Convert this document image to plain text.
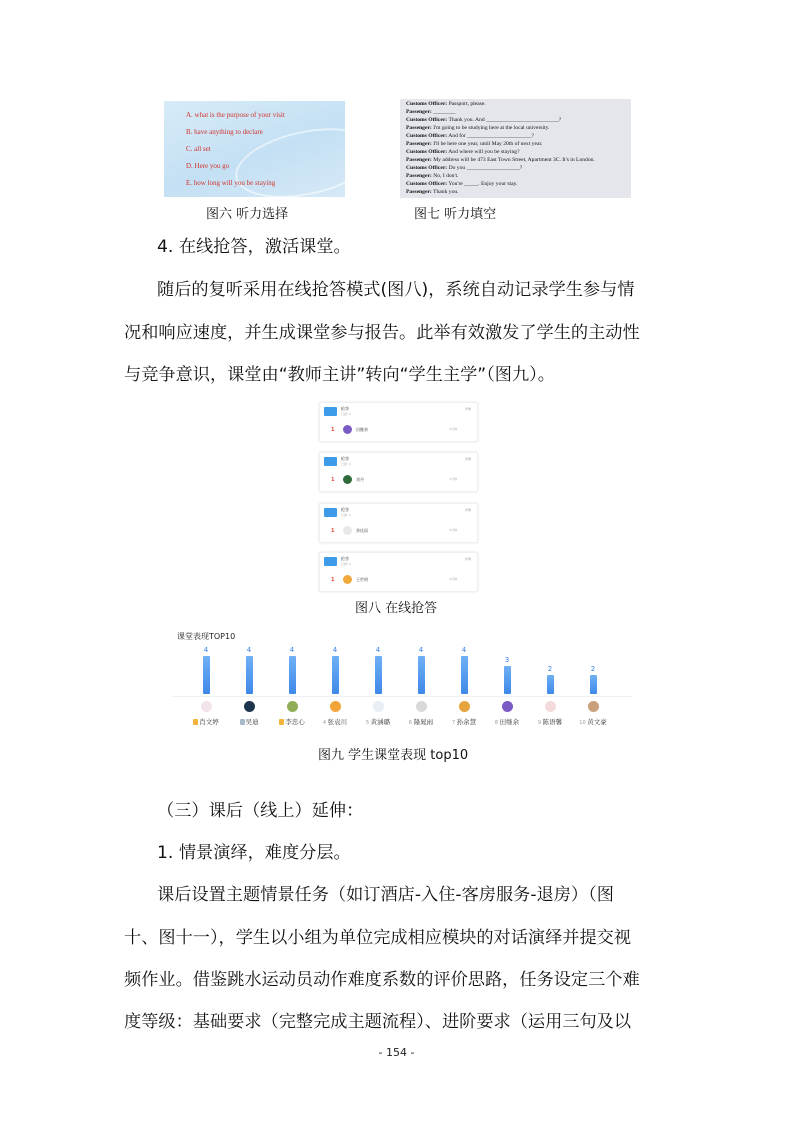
A. what is the purpose of your visit
B. have anything to declare
C. all set
D. Here you go
E. how long will you be staying
图六 听力选择
Customs Officer: Passport, please.
Passenger: ________
Customs Officer: Thank you. And __________________________?
Passenger: I'm going to be studying here at the local university.
Customs Officer: And for _______________________?
Passenger: I'll be here one year, until May 20th of next year.
Customs Officer: And where will you be staying?
Passenger: My address will be 473 East Town Street, Apartment 3C. It's in London.
Customs Officer: Do you ___________________?
Passenger: No, I don't.
Customs Officer: You're _____. Enjoy your stay.
Passenger: Thank you.
图七 听力填空
4. 在线抢答，激活课堂。
随后的复听采用在线抢答模式(图八)，系统自动记录学生参与情
况和响应速度，并生成课堂参与报告。此举有效激发了学生的主动性
与竞争意识，课堂由“教师主讲”转向“学生主学”（图九）。
抢答
已抢: 1
详情
1	田继余	1分钟
抢答
已抢: 1
详情
1	刘丹	1分钟
抢答
已抢: 1
详情
1	余佳雨	1分钟
抢答
已抢: 1
详情
1	王世明	1分钟
图八 在线抢答
课堂表现TOP10
4
肖文婷
4
吴迪
4
李忠心
4
4 张袁川
4
5 黄涵璐
4
6 隆晁雨
4
7 孙余慧
3
8 田继余
2
9 陈语馨
2
10 黄文豪
图九 学生课堂表现 top10
（三）课后（线上）延伸：
1. 情景演绎，难度分层。
课后设置主题情景任务（如订酒店-入住-客房服务-退房）（图
十、图十一），学生以小组为单位完成相应模块的对话演绎并提交视
频作业。借鉴跳水运动员动作难度系数的评价思路，任务设定三个难
度等级：基础要求（完整完成主题流程）、进阶要求（运用三句及以
- 154 -
